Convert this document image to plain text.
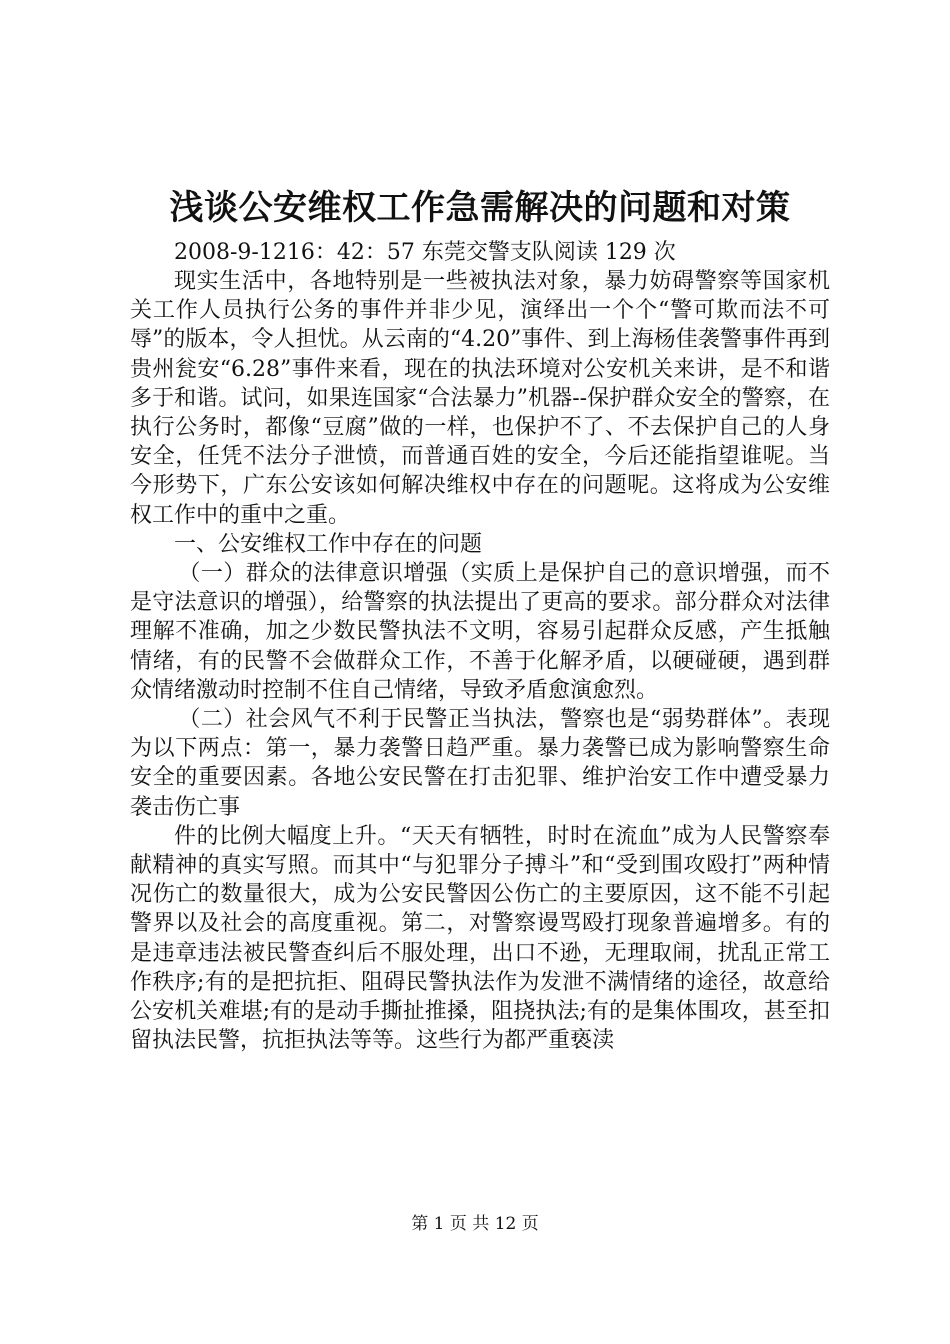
浅谈公安维权工作急需解决的问题和对策

2008-9-1216：42：57 东莞交警支队阅读 129 次

现实生活中，各地特别是一些被执法对象，暴力妨碍警察等国家机关工作人员执行公务的事件并非少见，演绎出一个个“警可欺而法不可辱”的版本，令人担忧。从云南的“4.20”事件、到上海杨佳袭警事件再到贵州瓮安“6.28”事件来看，现在的执法环境对公安机关来讲，是不和谐多于和谐。试问，如果连国家“合法暴力”机器--保护群众安全的警察，在执行公务时，都像“豆腐”做的一样，也保护不了、不去保护自己的人身安全，任凭不法分子泄愤，而普通百姓的安全，今后还能指望谁呢。当今形势下，广东公安该如何解决维权中存在的问题呢。这将成为公安维权工作中的重中之重。

一、公安维权工作中存在的问题

（一）群众的法律意识增强（实质上是保护自己的意识增强，而不是守法意识的增强），给警察的执法提出了更高的要求。部分群众对法律理解不准确，加之少数民警执法不文明，容易引起群众反感，产生抵触情绪，有的民警不会做群众工作，不善于化解矛盾，以硬碰硬，遇到群众情绪激动时控制不住自己情绪，导致矛盾愈演愈烈。

（二）社会风气不利于民警正当执法，警察也是“弱势群体”。表现为以下两点：第一，暴力袭警日趋严重。暴力袭警已成为影响警察生命安全的重要因素。各地公安民警在打击犯罪、维护治安工作中遭受暴力袭击伤亡事

件的比例大幅度上升。“天天有牺牲，时时在流血”成为人民警察奉献精神的真实写照。而其中“与犯罪分子搏斗”和“受到围攻殴打”两种情况伤亡的数量很大，成为公安民警因公伤亡的主要原因，这不能不引起警界以及社会的高度重视。第二，对警察谩骂殴打现象普遍增多。有的是违章违法被民警查纠后不服处理，出口不逊，无理取闹，扰乱正常工作秩序;有的是把抗拒、阻碍民警执法作为发泄不满情绪的途径，故意给公安机关难堪;有的是动手撕扯推搡，阻挠执法;有的是集体围攻，甚至扣留执法民警，抗拒执法等等。这些行为都严重亵渎

第 1 页 共 12 页
